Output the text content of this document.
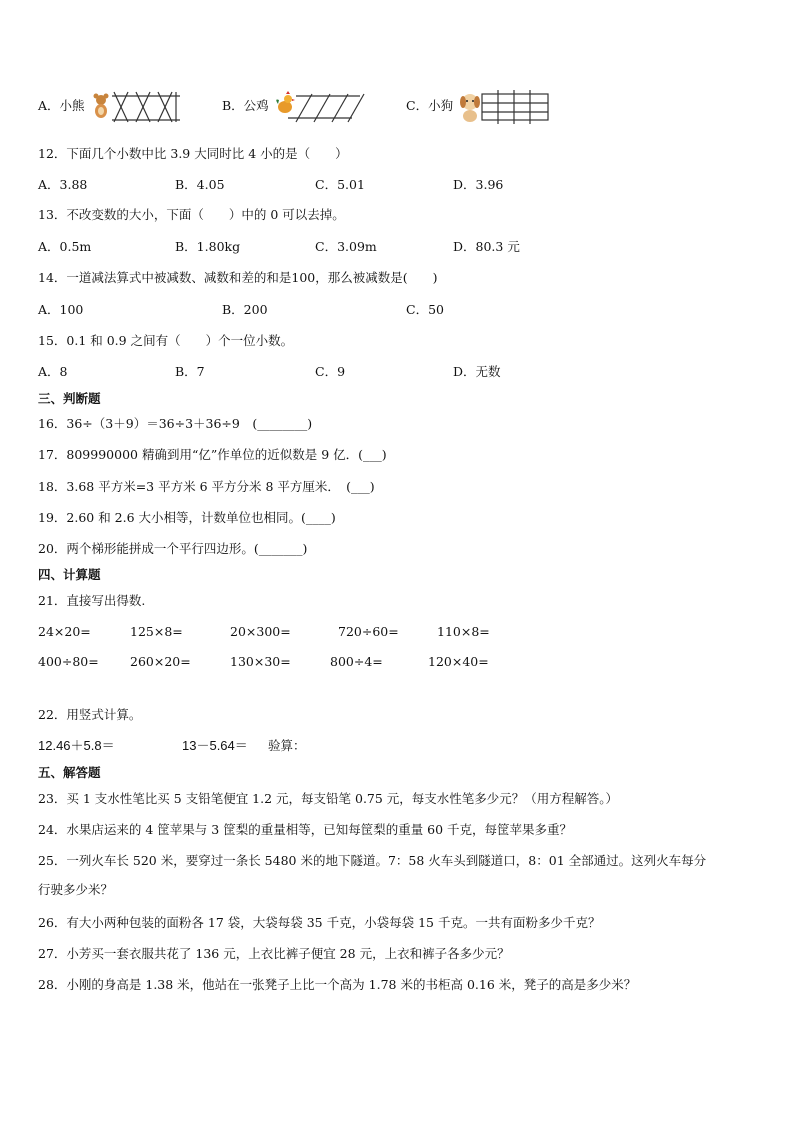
A．小熊	B．公鸡	C．小狗
12．下面几个小数中比 3.9 大同时比 4 小的是（　　）
A．3.88	B．4.05	C．5.01	D．3.96
13．不改变数的大小，下面（　　）中的 0 可以去掉。
A．0.5m	B．1.80kg	C．3.09m	D．80.3 元
14．一道减法算式中被减数、减数和差的和是100，那么被减数是(　　)
A．100	B．200	C．50
15．0.1 和 0.9 之间有（　　）个一位小数。
A．8	B．7	C．9	D．无数
三、判断题
16．36÷（3＋9）＝36÷3＋36÷9　(________)
17．809990000 精确到用“亿”作单位的近似数是 9 亿．(___)
18．3.68 平方米=3 平方米 6 平方分米 8 平方厘米．　(___)
19．2.60 和 2.6 大小相等，计数单位也相同。(____)
20．两个梯形能拼成一个平行四边形。(_______)
四、计算题
21．直接写出得数.
24×20=	125×8=	20×300=	720÷60=	110×8=
400÷80=	260×20=	130×30=	800÷4=	120×40=
22．用竖式计算。
12.46＋5.8＝	13－5.64＝ 验算：
五、解答题
23．买 1 支水性笔比买 5 支铅笔便宜 1.2 元，每支铅笔 0.75 元，每支水性笔多少元？（用方程解答。）
24．水果店运来的 4 筐苹果与 3 筐梨的重量相等，已知每筐梨的重量 60 千克，每筐苹果多重？
25．一列火车长 520 米，要穿过一条长 5480 米的地下隧道。7：58 火车头到隧道口，8：01 全部通过。这列火车每分
行驶多少米？
26．有大小两种包装的面粉各 17 袋，大袋每袋 35 千克，小袋每袋 15 千克。一共有面粉多少千克？
27．小芳买一套衣服共花了 136 元，上衣比裤子便宜 28 元，上衣和裤子各多少元？
28．小刚的身高是 1.38 米，他站在一张凳子上比一个高为 1.78 米的书柜高 0.16 米，凳子的高是多少米？
